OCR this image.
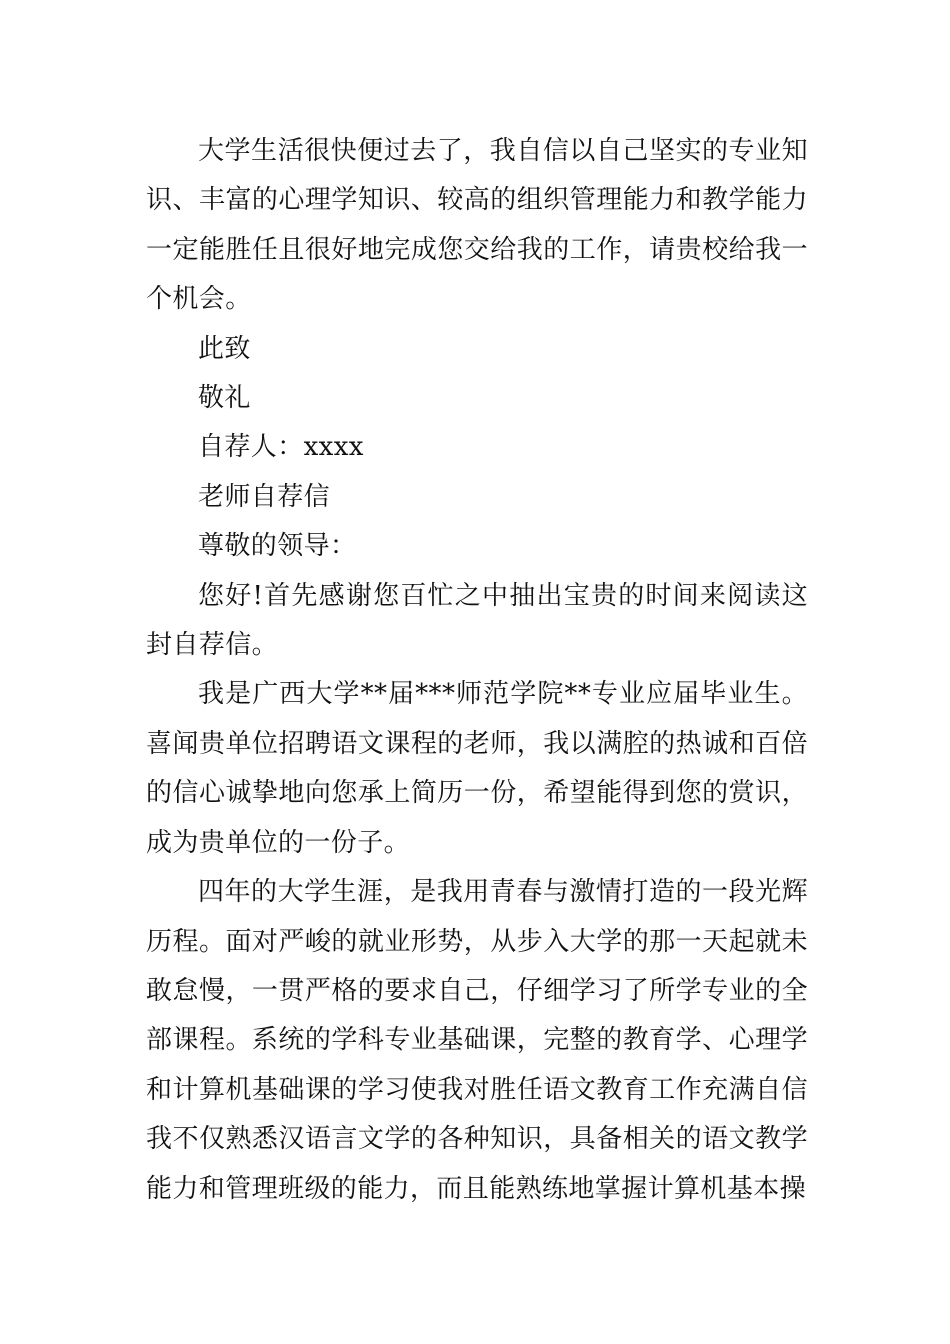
大学生活很快便过去了，我自信以自己坚实的专业知识、丰富的心理学知识、较高的组织管理能力和教学能力一定能胜任且很好地完成您交给我的工作，请贵校给我一个机会。

此致

敬礼

自荐人：xxxx

老师自荐信

尊敬的领导：

您好!首先感谢您百忙之中抽出宝贵的时间来阅读这封自荐信。

我是广西大学**届***师范学院**专业应届毕业生。喜闻贵单位招聘语文课程的老师，我以满腔的热诚和百倍的信心诚挚地向您承上简历一份，希望能得到您的赏识，成为贵单位的一份子。

四年的大学生涯，是我用青春与激情打造的一段光辉历程。面对严峻的就业形势，从步入大学的那一天起就未敢怠慢，一贯严格的要求自己，仔细学习了所学专业的全部课程。系统的学科专业基础课，完整的教育学、心理学和计算机基础课的学习使我对胜任语文教育工作充满自信我不仅熟悉汉语言文学的各种知识，具备相关的语文教学能力和管理班级的能力，而且能熟练地掌握计算机基本操
